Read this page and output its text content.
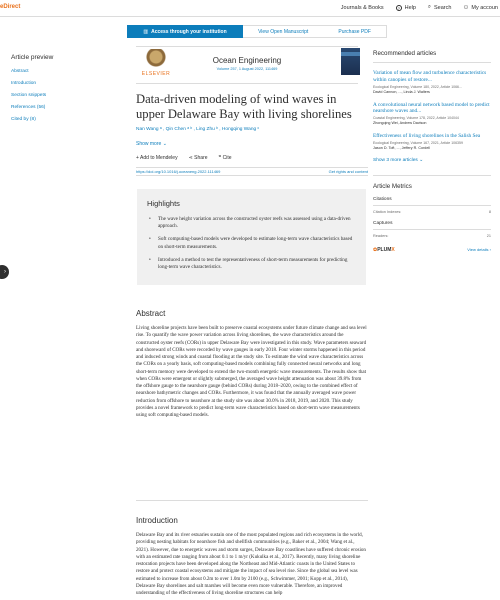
eDirect	Journals & Books	? Help ⌕ Search ⚇ My accoun
▥ Access through your institution	View Open Manuscript	Purchase PDF
Article preview
Abstract
Introduction
Section snippets
References (56)
Cited by (8)
›
ELSEVIER
Ocean Engineering
Volume 257, 1 August 2022, 111469
Data-driven modeling of wind waves in upper Delaware Bay with living shorelines
Nan Wang ᵃ , Qin Chen ᵃ ᵇ , Ling Zhu ᵇ , Hongqing Wang ᶜ
Show more ⌄
+ Add to Mendeley ⋖ Share ❞ Cite
https://doi.org/10.1016/j.oceaneng.2022.111469	Get rights and content
Highlights
• The wave height variation across the constructed oyster reefs was assessed using a data-driven approach.
• Soft computing-based models were developed to estimate long-term wave characteristics based on short-term measurements.
• Introduced a method to test the representativeness of short-term measurements for predicting long-term wave characteristics.
Abstract
Living shoreline projects have been built to preserve coastal ecosystems under future climate change and sea level rise. To quantify the wave power variation across living shorelines, the wave characteristics around the constructed oyster reefs (CORs) in upper Delaware Bay were investigated in this study. Wave parameters seaward and shoreward of CORs were recorded by wave gauges in early 2018. Four winter storms happened in this period and induced strong winds and coastal flooding at the study site. To estimate the wind wave characteristics across the CORs on a yearly basis, soft computing-based models combining fully connected neural networks and long short-term memory were developed to extend the two-month energetic wave measurements. The results show that when CORs were emergent or slightly submerged, the averaged wave height attenuation was about 39.8% from the offshore gauge to the nearshore gauge (behind CORs) during 2018–2020, owing to the combined effect of nearshore bathymetric changes and CORs. Furthermore, it was found that the annually averaged wave power reduction from offshore to nearshore at the study site was about 30.0% in 2018, 2019, and 2020. This study provides a novel framework to predict long-term wave characteristics based on short-term wave measurements using soft computing-based models.
Introduction
Delaware Bay and its river estuaries sustain one of the most populated regions and rich ecosystems in the world, providing nesting habitats for nearshore fish and shellfish communities (e.g., Baker et al., 2004; Wang et al., 2021). However, due to energetic waves and storm surges, Delaware Bay coastlines have suffered chronic erosion with an estimated rate ranging from about 0.1 to 1 m/yr (Kukulka et al., 2017). Recently, many living shoreline restoration projects have been developed along the Northeast and Mid-Atlantic coasts in the United States to restore and protect coastal ecosystems and mitigate the impact of sea level rise. Since the global sea level was estimated to increase from about 0.2m to over 1.0m by 2100 (e.g., Schwimmer, 2001; Kopp et al., 2014), Delaware Bay shorelines and salt marshes will become even more vulnerable. Therefore, an improved understanding of the effectiveness of living shoreline structures can help
Recommended articles
Variation of mean flow and turbulence characteristics within canopies of restore...
Ecological Engineering, Volume 180, 2022, Article 1066...
David Cannon, ..., Linda J. Walters
A convolutional neural network based model to predict nearshore waves and...
Coastal Engineering, Volume 178, 2022, Article 104044
Zhongqing Wei, Andrew Davison
Effectiveness of living shorelines in the Salish Sea
Ecological Engineering, Volume 167, 2021, Article 106359
Jason D. Toft, ..., Jeffery R. Cordell
Show 3 more articles ⌄
Article Metrics
Citations
Citation Indexes:	8
Captures
Readers:	21
✿PLUMX	View details ›
